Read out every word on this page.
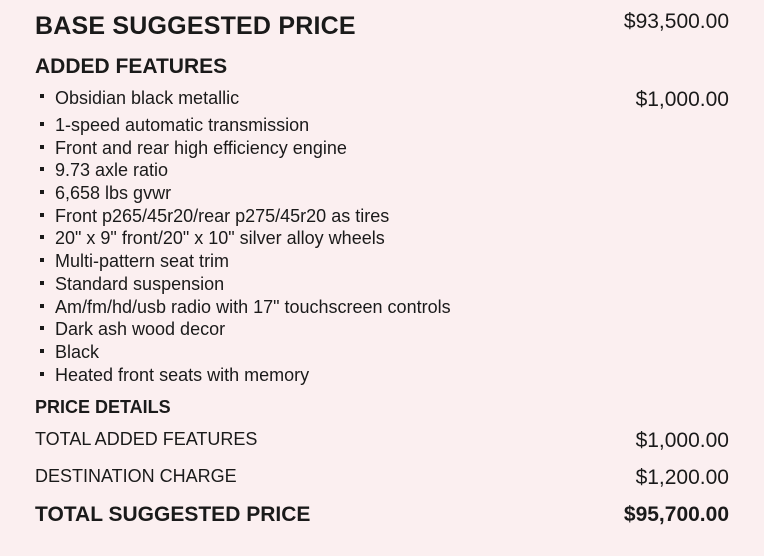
BASE SUGGESTED PRICE	$93,500.00
ADDED FEATURES
Obsidian black metallic	$1,000.00
1-speed automatic transmission
Front and rear high efficiency engine
9.73 axle ratio
6,658 lbs gvwr
Front p265/45r20/rear p275/45r20 as tires
20" x 9" front/20" x 10" silver alloy wheels
Multi-pattern seat trim
Standard suspension
Am/fm/hd/usb radio with 17" touchscreen controls
Dark ash wood decor
Black
Heated front seats with memory
PRICE DETAILS
TOTAL ADDED FEATURES	$1,000.00
DESTINATION CHARGE	$1,200.00
TOTAL SUGGESTED PRICE	$95,700.00
